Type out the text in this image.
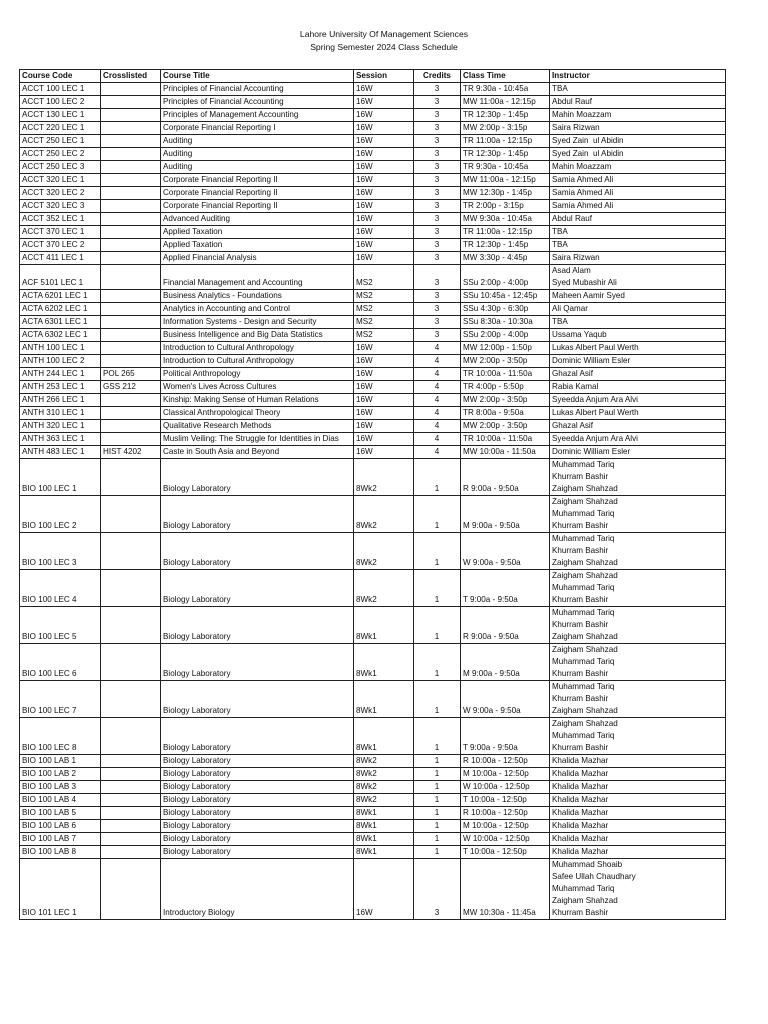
Lahore University Of Management Sciences
Spring Semester 2024 Class Schedule
Course Code	Crosslisted	Course Title	Session	Credits	Class Time	Instructor
ACCT 100 LEC 1		Principles of Financial Accounting	16W	3	TR 9:30a - 10:45a	TBA

ACCT 100 LEC 2		Principles of Financial Accounting	16W	3	MW 11:00a - 12:15p	Abdul Rauf

ACCT 130 LEC 1		Principles of Management Accounting	16W	3	TR 12:30p - 1:45p	Mahin Moazzam

ACCT 220 LEC 1		Corporate Financial Reporting I	16W	3	MW 2:00p - 3:15p	Saira Rizwan

ACCT 250 LEC 1		Auditing	16W	3	TR 11:00a - 12:15p	Syed Zain  ul Abidin

ACCT 250 LEC 2		Auditing	16W	3	TR 12:30p - 1:45p	Syed Zain  ul Abidin

ACCT 250 LEC 3		Auditing	16W	3	TR 9:30a - 10:45a	Mahin Moazzam

ACCT 320 LEC 1		Corporate Financial Reporting II	16W	3	MW 11:00a - 12:15p	Samia Ahmed Ali

ACCT 320 LEC 2		Corporate Financial Reporting II	16W	3	MW 12:30p - 1:45p	Samia Ahmed Ali

ACCT 320 LEC 3		Corporate Financial Reporting II	16W	3	TR 2:00p - 3:15p	Samia Ahmed Ali

ACCT 352 LEC 1		Advanced Auditing	16W	3	MW 9:30a - 10:45a	Abdul Rauf

ACCT 370 LEC 1		Applied Taxation	16W	3	TR 11:00a - 12:15p	TBA

ACCT 370 LEC 2		Applied Taxation	16W	3	TR 12:30p - 1:45p	TBA

ACCT 411 LEC 1		Applied Financial Analysis	16W	3	MW 3:30p - 4:45p	Saira Rizwan

ACF 5101 LEC 1		Financial Management and Accounting	MS2	3	SSu 2:00p - 4:00p	Asad Alam
Syed Mubashir Ali

ACTA 6201 LEC 1		Business Analytics - Foundations	MS2	3	SSu 10:45a - 12:45p	Maheen Aamir Syed

ACTA 6202 LEC 1		Analytics in Accounting and Control	MS2	3	SSu 4:30p - 6:30p	Ali Qamar

ACTA 6301 LEC 1		Information Systems - Design and Security	MS2	3	SSu 8:30a - 10:30a	TBA

ACTA 6302 LEC 1		Business Intelligence and Big Data Statistics	MS2	3	SSu 2:00p - 4:00p	Ussama Yaqub

ANTH 100 LEC 1		Introduction to Cultural Anthropology	16W	4	MW 12:00p - 1:50p	Lukas Albert Paul Werth

ANTH 100 LEC 2		Introduction to Cultural Anthropology	16W	4	MW 2:00p - 3:50p	Dominic William Esler

ANTH 244 LEC 1	POL 265	Political Anthropology	16W	4	TR 10:00a - 11:50a	Ghazal Asif

ANTH 253 LEC 1	GSS 212	Women's Lives Across Cultures	16W	4	TR 4:00p - 5:50p	Rabia Kamal

ANTH 266 LEC 1		Kinship: Making Sense of Human Relations	16W	4	MW 2:00p - 3:50p	Syeedda Anjum Ara Alvi

ANTH 310 LEC 1		Classical Anthropological Theory	16W	4	TR 8:00a - 9:50a	Lukas Albert Paul Werth

ANTH 320 LEC 1		Qualitative Research Methods	16W	4	MW 2:00p - 3:50p	Ghazal Asif

ANTH 363 LEC 1		Muslim Veiling: The Struggle for Identities in Dias	16W	4	TR 10:00a - 11:50a	Syeedda Anjum Ara Alvi

ANTH 483 LEC 1	HIST 4202	Caste in South Asia and Beyond	16W	4	MW 10:00a - 11:50a	Dominic William Esler

BIO 100 LEC 1		Biology Laboratory	8Wk2	1	R 9:00a - 9:50a	Muhammad Tariq
Khurram Bashir
Zaigham Shahzad

BIO 100 LEC 2		Biology Laboratory	8Wk2	1	M 9:00a - 9:50a	Zaigham Shahzad
Muhammad Tariq
Khurram Bashir

BIO 100 LEC 3		Biology Laboratory	8Wk2	1	W 9:00a - 9:50a	Muhammad Tariq
Khurram Bashir
Zaigham Shahzad

BIO 100 LEC 4		Biology Laboratory	8Wk2	1	T 9:00a - 9:50a	Zaigham Shahzad
Muhammad Tariq
Khurram Bashir

BIO 100 LEC 5		Biology Laboratory	8Wk1	1	R 9:00a - 9:50a	Muhammad Tariq
Khurram Bashir
Zaigham Shahzad

BIO 100 LEC 6		Biology Laboratory	8Wk1	1	M 9:00a - 9:50a	Zaigham Shahzad
Muhammad Tariq
Khurram Bashir

BIO 100 LEC 7		Biology Laboratory	8Wk1	1	W 9:00a - 9:50a	Muhammad Tariq
Khurram Bashir
Zaigham Shahzad

BIO 100 LEC 8		Biology Laboratory	8Wk1	1	T 9:00a - 9:50a	Zaigham Shahzad
Muhammad Tariq
Khurram Bashir

BIO 100 LAB 1		Biology Laboratory	8Wk2	1	R 10:00a - 12:50p	Khalida Mazhar

BIO 100 LAB 2		Biology Laboratory	8Wk2	1	M 10:00a - 12:50p	Khalida Mazhar

BIO 100 LAB 3		Biology Laboratory	8Wk2	1	W 10:00a - 12:50p	Khalida Mazhar

BIO 100 LAB 4		Biology Laboratory	8Wk2	1	T 10:00a - 12:50p	Khalida Mazhar

BIO 100 LAB 5		Biology Laboratory	8Wk1	1	R 10:00a - 12:50p	Khalida Mazhar

BIO 100 LAB 6		Biology Laboratory	8Wk1	1	M 10:00a - 12:50p	Khalida Mazhar

BIO 100 LAB 7		Biology Laboratory	8Wk1	1	W 10:00a - 12:50p	Khalida Mazhar

BIO 100 LAB 8		Biology Laboratory	8Wk1	1	T 10:00a - 12:50p	Khalida Mazhar

BIO 101 LEC 1		Introductory Biology	16W	3	MW 10:30a - 11:45a	Muhammad Shoaib
Safee Ullah Chaudhary
Muhammad Tariq
Zaigham Shahzad
Khurram Bashir
